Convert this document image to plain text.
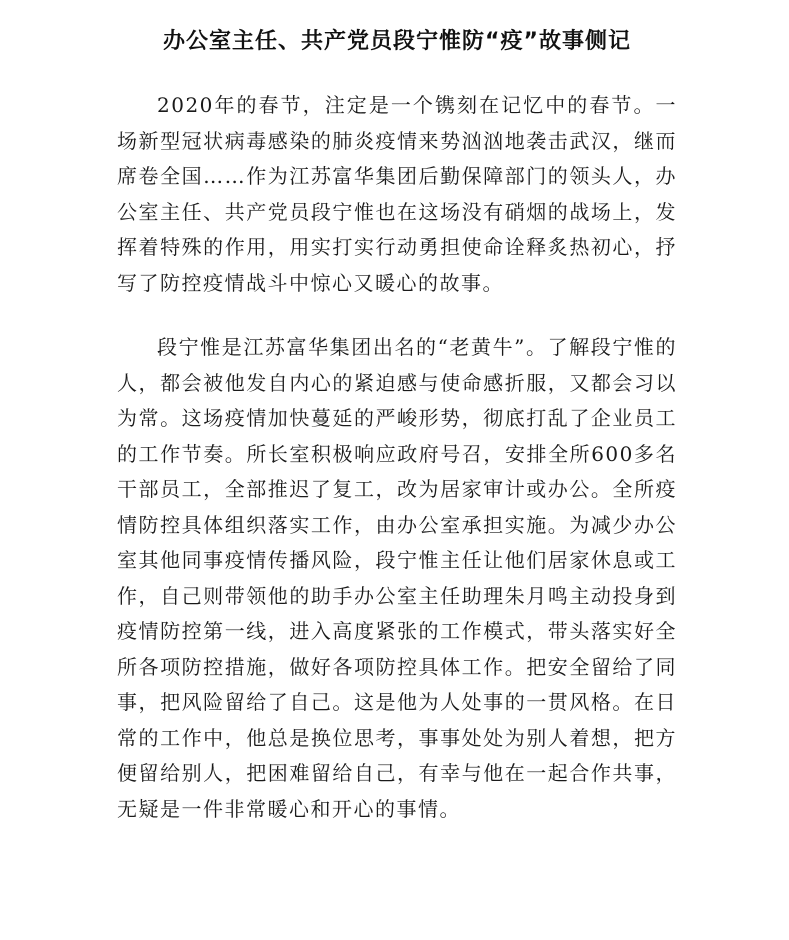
办公室主任、共产党员段宁惟防“疫”故事侧记

2020年的春节，注定是一个镌刻在记忆中的春节。一场新型冠状病毒感染的肺炎疫情来势汹汹地袭击武汉，继而席卷全国……作为江苏富华集团后勤保障部门的领头人，办公室主任、共产党员段宁惟也在这场没有硝烟的战场上，发挥着特殊的作用，用实打实行动勇担使命诠释炙热初心，抒写了防控疫情战斗中惊心又暖心的故事。

段宁惟是江苏富华集团出名的“老黄牛”。了解段宁惟的人，都会被他发自内心的紧迫感与使命感折服，又都会习以为常。这场疫情加快蔓延的严峻形势，彻底打乱了企业员工的工作节奏。所长室积极响应政府号召，安排全所600多名干部员工，全部推迟了复工，改为居家审计或办公。全所疫情防控具体组织落实工作，由办公室承担实施。为减少办公室其他同事疫情传播风险，段宁惟主任让他们居家休息或工作，自己则带领他的助手办公室主任助理朱月鸣主动投身到疫情防控第一线，进入高度紧张的工作模式，带头落实好全所各项防控措施，做好各项防控具体工作。把安全留给了同事，把风险留给了自己。这是他为人处事的一贯风格。在日常的工作中，他总是换位思考，事事处处为别人着想，把方便留给别人，把困难留给自己，有幸与他在一起合作共事，无疑是一件非常暖心和开心的事情。
